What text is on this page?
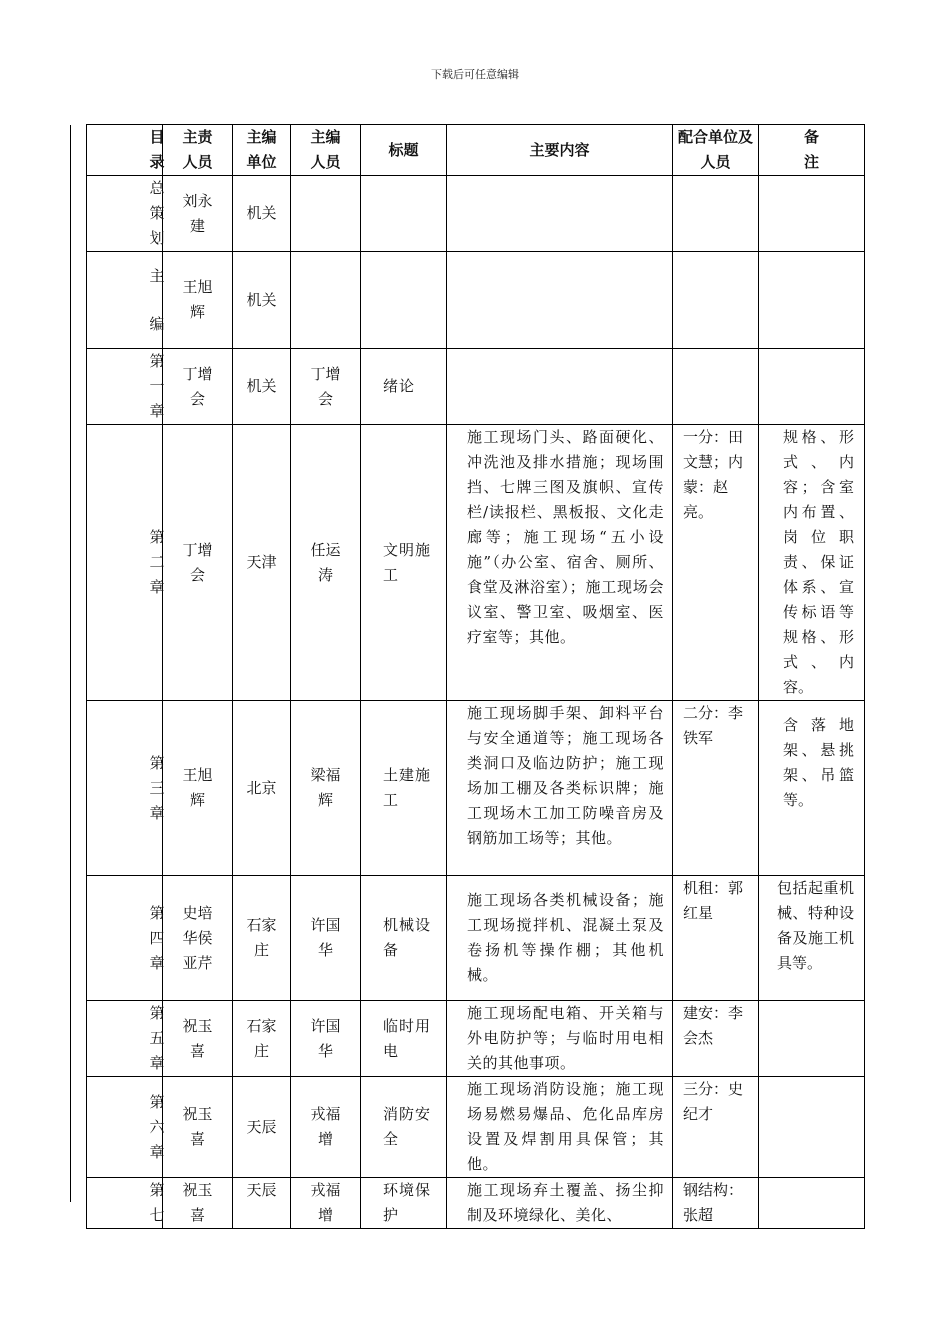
下载后可任意编辑
目录	主责人员	主编单位	主编人员	标题	主要内容	配合单位及人员	备注

总策划	刘永建	机关					

主编	王旭辉	机关					

第一章	丁增会	机关	丁增会	绪论			

第二章	丁增会	天津	任运涛	文明施工	施工现场门头、路面硬化、冲洗池及排水措施；现场围挡、七牌三图及旗帜、宣传栏/读报栏、黑板报、文化走廊等；施工现场“五小设施”（办公室、宿舍、厕所、食堂及淋浴室）；施工现场会议室、警卫室、吸烟室、医疗室等；其他。	一分：田文慧；内蒙：赵亮。	规格、形式、内容；含室内布置、岗位职责、保证体系、宣传标语等规格、形式、内容。

第三章	王旭辉	北京	梁福辉	土建施工	施工现场脚手架、卸料平台与安全通道等；施工现场各类洞口及临边防护；施工现场加工棚及各类标识牌；施工现场木工加工防噪音房及钢筋加工场等；其他。	二分：李铁军	含落地架、悬挑架、吊篮等。

第四章	史培华侯亚芹	石家庄	许国华	机械设备	施工现场各类机械设备；施工现场搅拌机、混凝土泵及卷扬机等操作棚；其他机械。	机租：郭红星	包括起重机械、特种设备及施工机具等。

第五章	祝玉喜	石家庄	许国华	临时用电	施工现场配电箱、开关箱与外电防护等；与临时用电相关的其他事项。	建安：李会杰	

第六章	祝玉喜	天辰	戎福增	消防安全	施工现场消防设施；施工现场易燃易爆品、危化品库房设置及焊割用具保管；其他。	三分：史纪才	

第七	祝玉喜	天辰	戎福增	环境保护	施工现场弃土覆盖、扬尘抑制及环境绿化、美化、	钢结构：张超	
